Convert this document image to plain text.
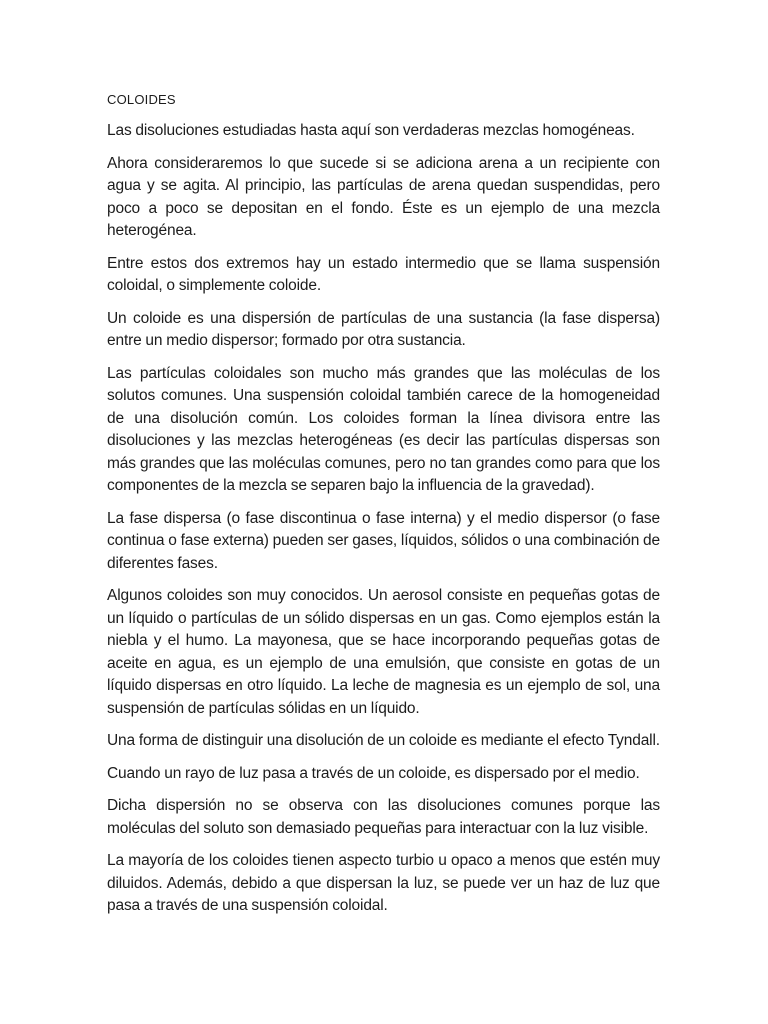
COLOIDES

Las disoluciones estudiadas hasta aquí son verdaderas mezclas homogéneas.

Ahora consideraremos lo que sucede si se adiciona arena a un recipiente con agua y se agita. Al principio, las partículas de arena quedan suspendidas, pero poco a poco se depositan en el fondo. Éste es un ejemplo de una mezcla heterogénea.

Entre estos dos extremos hay un estado intermedio que se llama suspensión coloidal, o simplemente coloide.

Un coloide es una dispersión de partículas de una sustancia (la fase dispersa) entre un medio dispersor; formado por otra sustancia.

Las partículas coloidales son mucho más grandes que las moléculas de los solutos comunes. Una suspensión coloidal también carece de la homogeneidad de una disolución común. Los coloides forman la línea divisora entre las disoluciones y las mezclas heterogéneas (es decir las partículas dispersas son más grandes que las moléculas comunes, pero no tan grandes como para que los componentes de la mezcla se separen bajo la influencia de la gravedad).

La fase dispersa (o fase discontinua o fase interna) y el medio dispersor (o fase continua o fase externa) pueden ser gases, líquidos, sólidos o una combinación de diferentes fases.

Algunos coloides son muy conocidos. Un aerosol consiste en pequeñas gotas de un líquido o partículas de un sólido dispersas en un gas. Como ejemplos están la niebla y el humo. La mayonesa, que se hace incorporando pequeñas gotas de aceite en agua, es un ejemplo de una emulsión, que consiste en gotas de un líquido dispersas en otro líquido. La leche de magnesia es un ejemplo de sol, una suspensión de partículas sólidas en un líquido.

Una forma de distinguir una disolución de un coloide es mediante el efecto Tyndall.

Cuando un rayo de luz pasa a través de un coloide, es dispersado por el medio.

Dicha dispersión no se observa con las disoluciones comunes porque las moléculas del soluto son demasiado pequeñas para interactuar con la luz visible.

La mayoría de los coloides tienen aspecto turbio u opaco a menos que estén muy diluidos. Además, debido a que dispersan la luz, se puede ver un haz de luz que pasa a través de una suspensión coloidal.
